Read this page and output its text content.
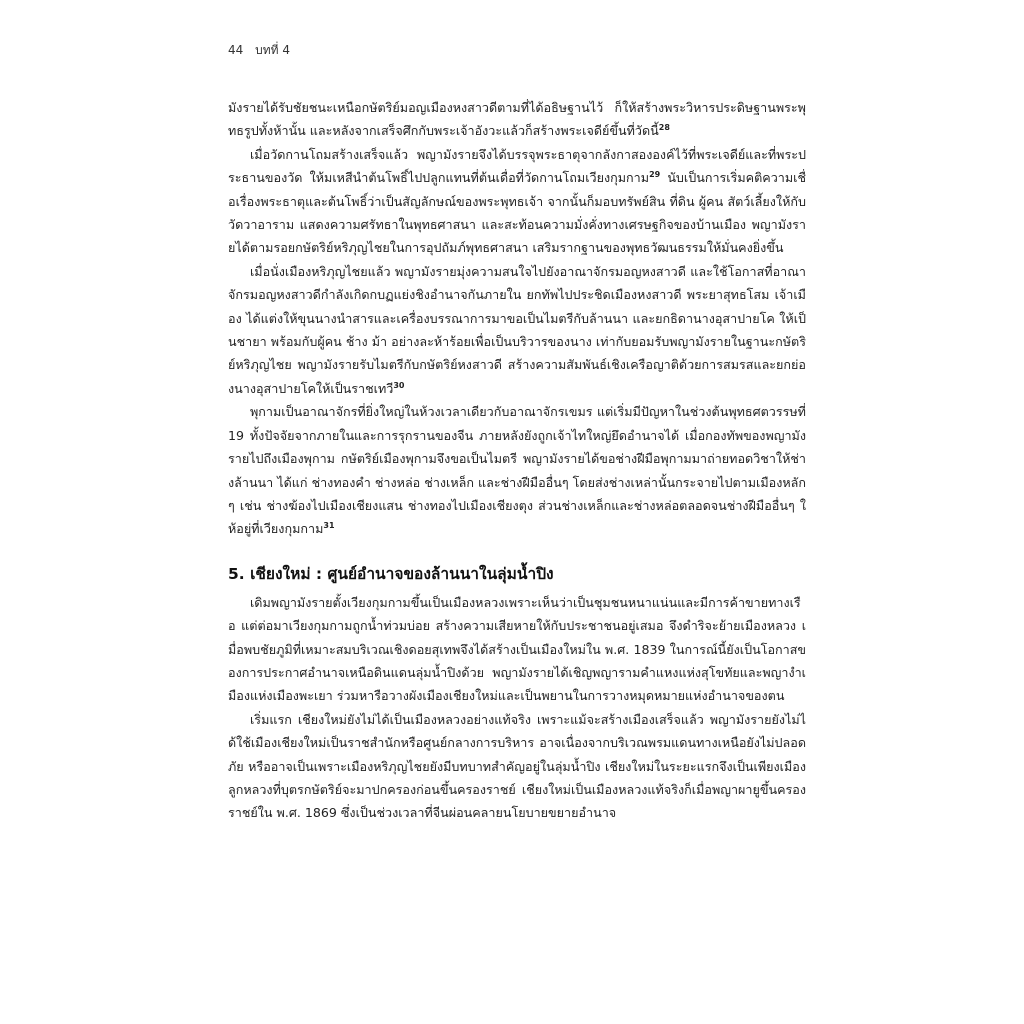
44 บทที่ 4

มังรายได้รับชัยชนะเหนือกษัตริย์มอญเมืองหงสาวดีตามที่ได้อธิษฐานไว้ ก็ให้สร้างพระวิหารประดิษฐานพระพุทธรูปทั้งห้านั้น และหลังจากเสร็จศึกกับพระเจ้าอังวะแล้วก็สร้างพระเจดีย์ขึ้นที่วัดนี้$^{28}$

เมื่อวัดกานโถมสร้างเสร็จแล้ว พญามังรายจึงได้บรรจุพระธาตุจากลังกาสององค์ไว้ที่พระเจดีย์และที่พระประธานของวัด ให้มเหสีนำต้นโพธิ์ไปปลูกแทนที่ต้นเดื่อที่วัดกานโถมเวียงกุมกาม$^{29}$ นับเป็นการเริ่มคติความเชื่อเรื่องพระธาตุและต้นโพธิ์ว่าเป็นสัญลักษณ์ของพระพุทธเจ้า จากนั้นก็มอบทรัพย์สิน ที่ดิน ผู้คน สัตว์เลี้ยงให้กับวัดวาอาราม แสดงความศรัทธาในพุทธศาสนา และสะท้อนความมั่งคั่งทางเศรษฐกิจของบ้านเมือง พญามังรายได้ตามรอยกษัตริย์หริภุญไชยในการอุปถัมภ์พุทธศาสนา เสริมรากฐานของพุทธวัฒนธรรมให้มั่นคงยิ่งขึ้น

เมื่อนั่งเมืองหริภุญไชยแล้ว พญามังรายมุ่งความสนใจไปยังอาณาจักรมอญหงสาวดี และใช้โอกาสที่อาณาจักรมอญหงสาวดีกำลังเกิดกบฏแย่งชิงอำนาจกันภายใน ยกทัพไปประชิดเมืองหงสาวดี พระยาสุทธโสม เจ้าเมือง ได้แต่งให้ขุนนางนำสารและเครื่องบรรณาการมาขอเป็นไมตรีกับล้านนา และยกธิดานางอุสาปายโค ให้เป็นชายา พร้อมกับผู้คน ช้าง ม้า อย่างละห้าร้อยเพื่อเป็นบริวารของนาง เท่ากับยอมรับพญามังรายในฐานะกษัตริย์หริภุญไชย พญามังรายรับไมตรีกับกษัตริย์หงสาวดี สร้างความสัมพันธ์เชิงเครือญาติด้วยการสมรสและยกย่องนางอุสาปายโคให้เป็นราชเทวี$^{30}$

พุกามเป็นอาณาจักรที่ยิ่งใหญ่ในห้วงเวลาเดียวกับอาณาจักรเขมร แต่เริ่มมีปัญหาในช่วงต้นพุทธศตวรรษที่ 19 ทั้งปัจจัยจากภายในและการรุกรานของจีน ภายหลังยังถูกเจ้าไทใหญ่ยึดอำนาจได้ เมื่อกองทัพของพญามังรายไปถึงเมืองพุกาม กษัตริย์เมืองพุกามจึงขอเป็นไมตรี พญามังรายได้ขอช่างฝีมือพุกามมาถ่ายทอดวิชาให้ช่างล้านนา ได้แก่ ช่างทองคำ ช่างหล่อ ช่างเหล็ก และช่างฝีมืออื่นๆ โดยส่งช่างเหล่านั้นกระจายไปตามเมืองหลักๆ เช่น ช่างฆ้องไปเมืองเชียงแสน ช่างทองไปเมืองเชียงตุง ส่วนช่างเหล็กและช่างหล่อตลอดจนช่างฝีมืออื่นๆ ให้อยู่ที่เวียงกุมกาม$^{31}$

5. เชียงใหม่ : ศูนย์อำนาจของล้านนาในลุ่มน้ำปิง

เดิมพญามังรายตั้งเวียงกุมกามขึ้นเป็นเมืองหลวงเพราะเห็นว่าเป็นชุมชนหนาแน่นและมีการค้าขายทางเรือ แต่ต่อมาเวียงกุมกามถูกน้ำท่วมบ่อย สร้างความเสียหายให้กับประชาชนอยู่เสมอ จึงดำริจะย้ายเมืองหลวง เมื่อพบชัยภูมิที่เหมาะสมบริเวณเชิงดอยสุเทพจึงได้สร้างเป็นเมืองใหม่ใน พ.ศ. 1839 ในการณ์นี้ยังเป็นโอกาสของการประกาศอำนาจเหนือดินแดนลุ่มน้ำปิงด้วย พญามังรายได้เชิญพญารามคำแหงแห่งสุโขทัยและพญางำเมืองแห่งเมืองพะเยา ร่วมหารือวางผังเมืองเชียงใหม่และเป็นพยานในการวางหมุดหมายแห่งอำนาจของตน

เริ่มแรก เชียงใหม่ยังไม่ได้เป็นเมืองหลวงอย่างแท้จริง เพราะแม้จะสร้างเมืองเสร็จแล้ว พญามังรายยังไม่ได้ใช้เมืองเชียงใหม่เป็นราชสำนักหรือศูนย์กลางการบริหาร อาจเนื่องจากบริเวณพรมแดนทางเหนือยังไม่ปลอดภัย หรืออาจเป็นเพราะเมืองหริภุญไชยยังมีบทบาทสำคัญอยู่ในลุ่มน้ำปิง เชียงใหม่ในระยะแรกจึงเป็นเพียงเมืองลูกหลวงที่บุตรกษัตริย์จะมาปกครองก่อนขึ้นครองราชย์ เชียงใหม่เป็นเมืองหลวงแท้จริงก็เมื่อพญาผายูขึ้นครองราชย์ใน พ.ศ. 1869 ซึ่งเป็นช่วงเวลาที่จีนผ่อนคลายนโยบายขยายอำนาจ
